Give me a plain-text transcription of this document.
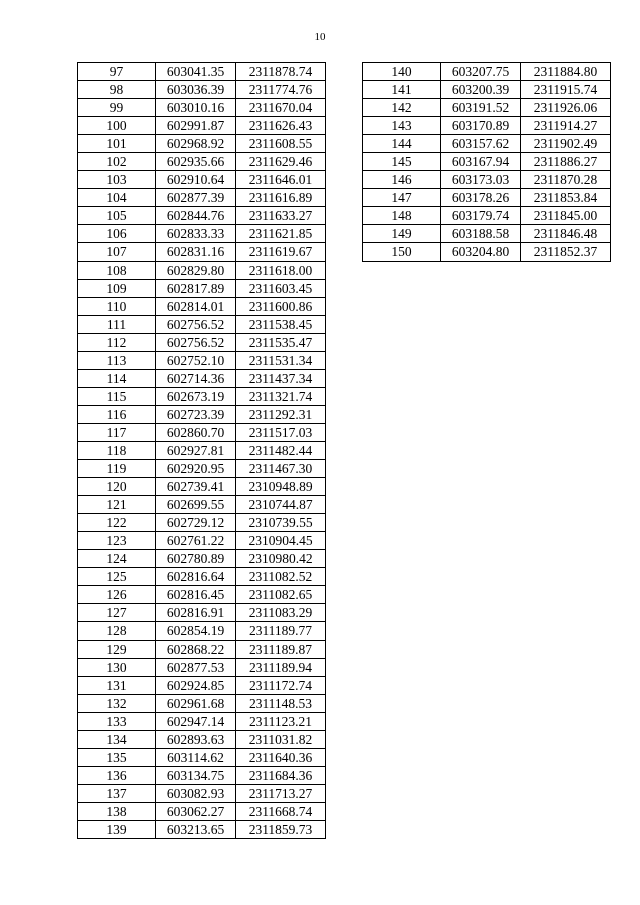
10
97	603041.35	2311878.74
98	603036.39	2311774.76
99	603010.16	2311670.04
100	602991.87	2311626.43
101	602968.92	2311608.55
102	602935.66	2311629.46
103	602910.64	2311646.01
104	602877.39	2311616.89
105	602844.76	2311633.27
106	602833.33	2311621.85
107	602831.16	2311619.67
108	602829.80	2311618.00
109	602817.89	2311603.45
110	602814.01	2311600.86
111	602756.52	2311538.45
112	602756.52	2311535.47
113	602752.10	2311531.34
114	602714.36	2311437.34
115	602673.19	2311321.74
116	602723.39	2311292.31
117	602860.70	2311517.03
118	602927.81	2311482.44
119	602920.95	2311467.30
120	602739.41	2310948.89
121	602699.55	2310744.87
122	602729.12	2310739.55
123	602761.22	2310904.45
124	602780.89	2310980.42
125	602816.64	2311082.52
126	602816.45	2311082.65
127	602816.91	2311083.29
128	602854.19	2311189.77
129	602868.22	2311189.87
130	602877.53	2311189.94
131	602924.85	2311172.74
132	602961.68	2311148.53
133	602947.14	2311123.21
134	602893.63	2311031.82
135	603114.62	2311640.36
136	603134.75	2311684.36
137	603082.93	2311713.27
138	603062.27	2311668.74
139	603213.65	2311859.73
140	603207.75	2311884.80
141	603200.39	2311915.74
142	603191.52	2311926.06
143	603170.89	2311914.27
144	603157.62	2311902.49
145	603167.94	2311886.27
146	603173.03	2311870.28
147	603178.26	2311853.84
148	603179.74	2311845.00
149	603188.58	2311846.48
150	603204.80	2311852.37
